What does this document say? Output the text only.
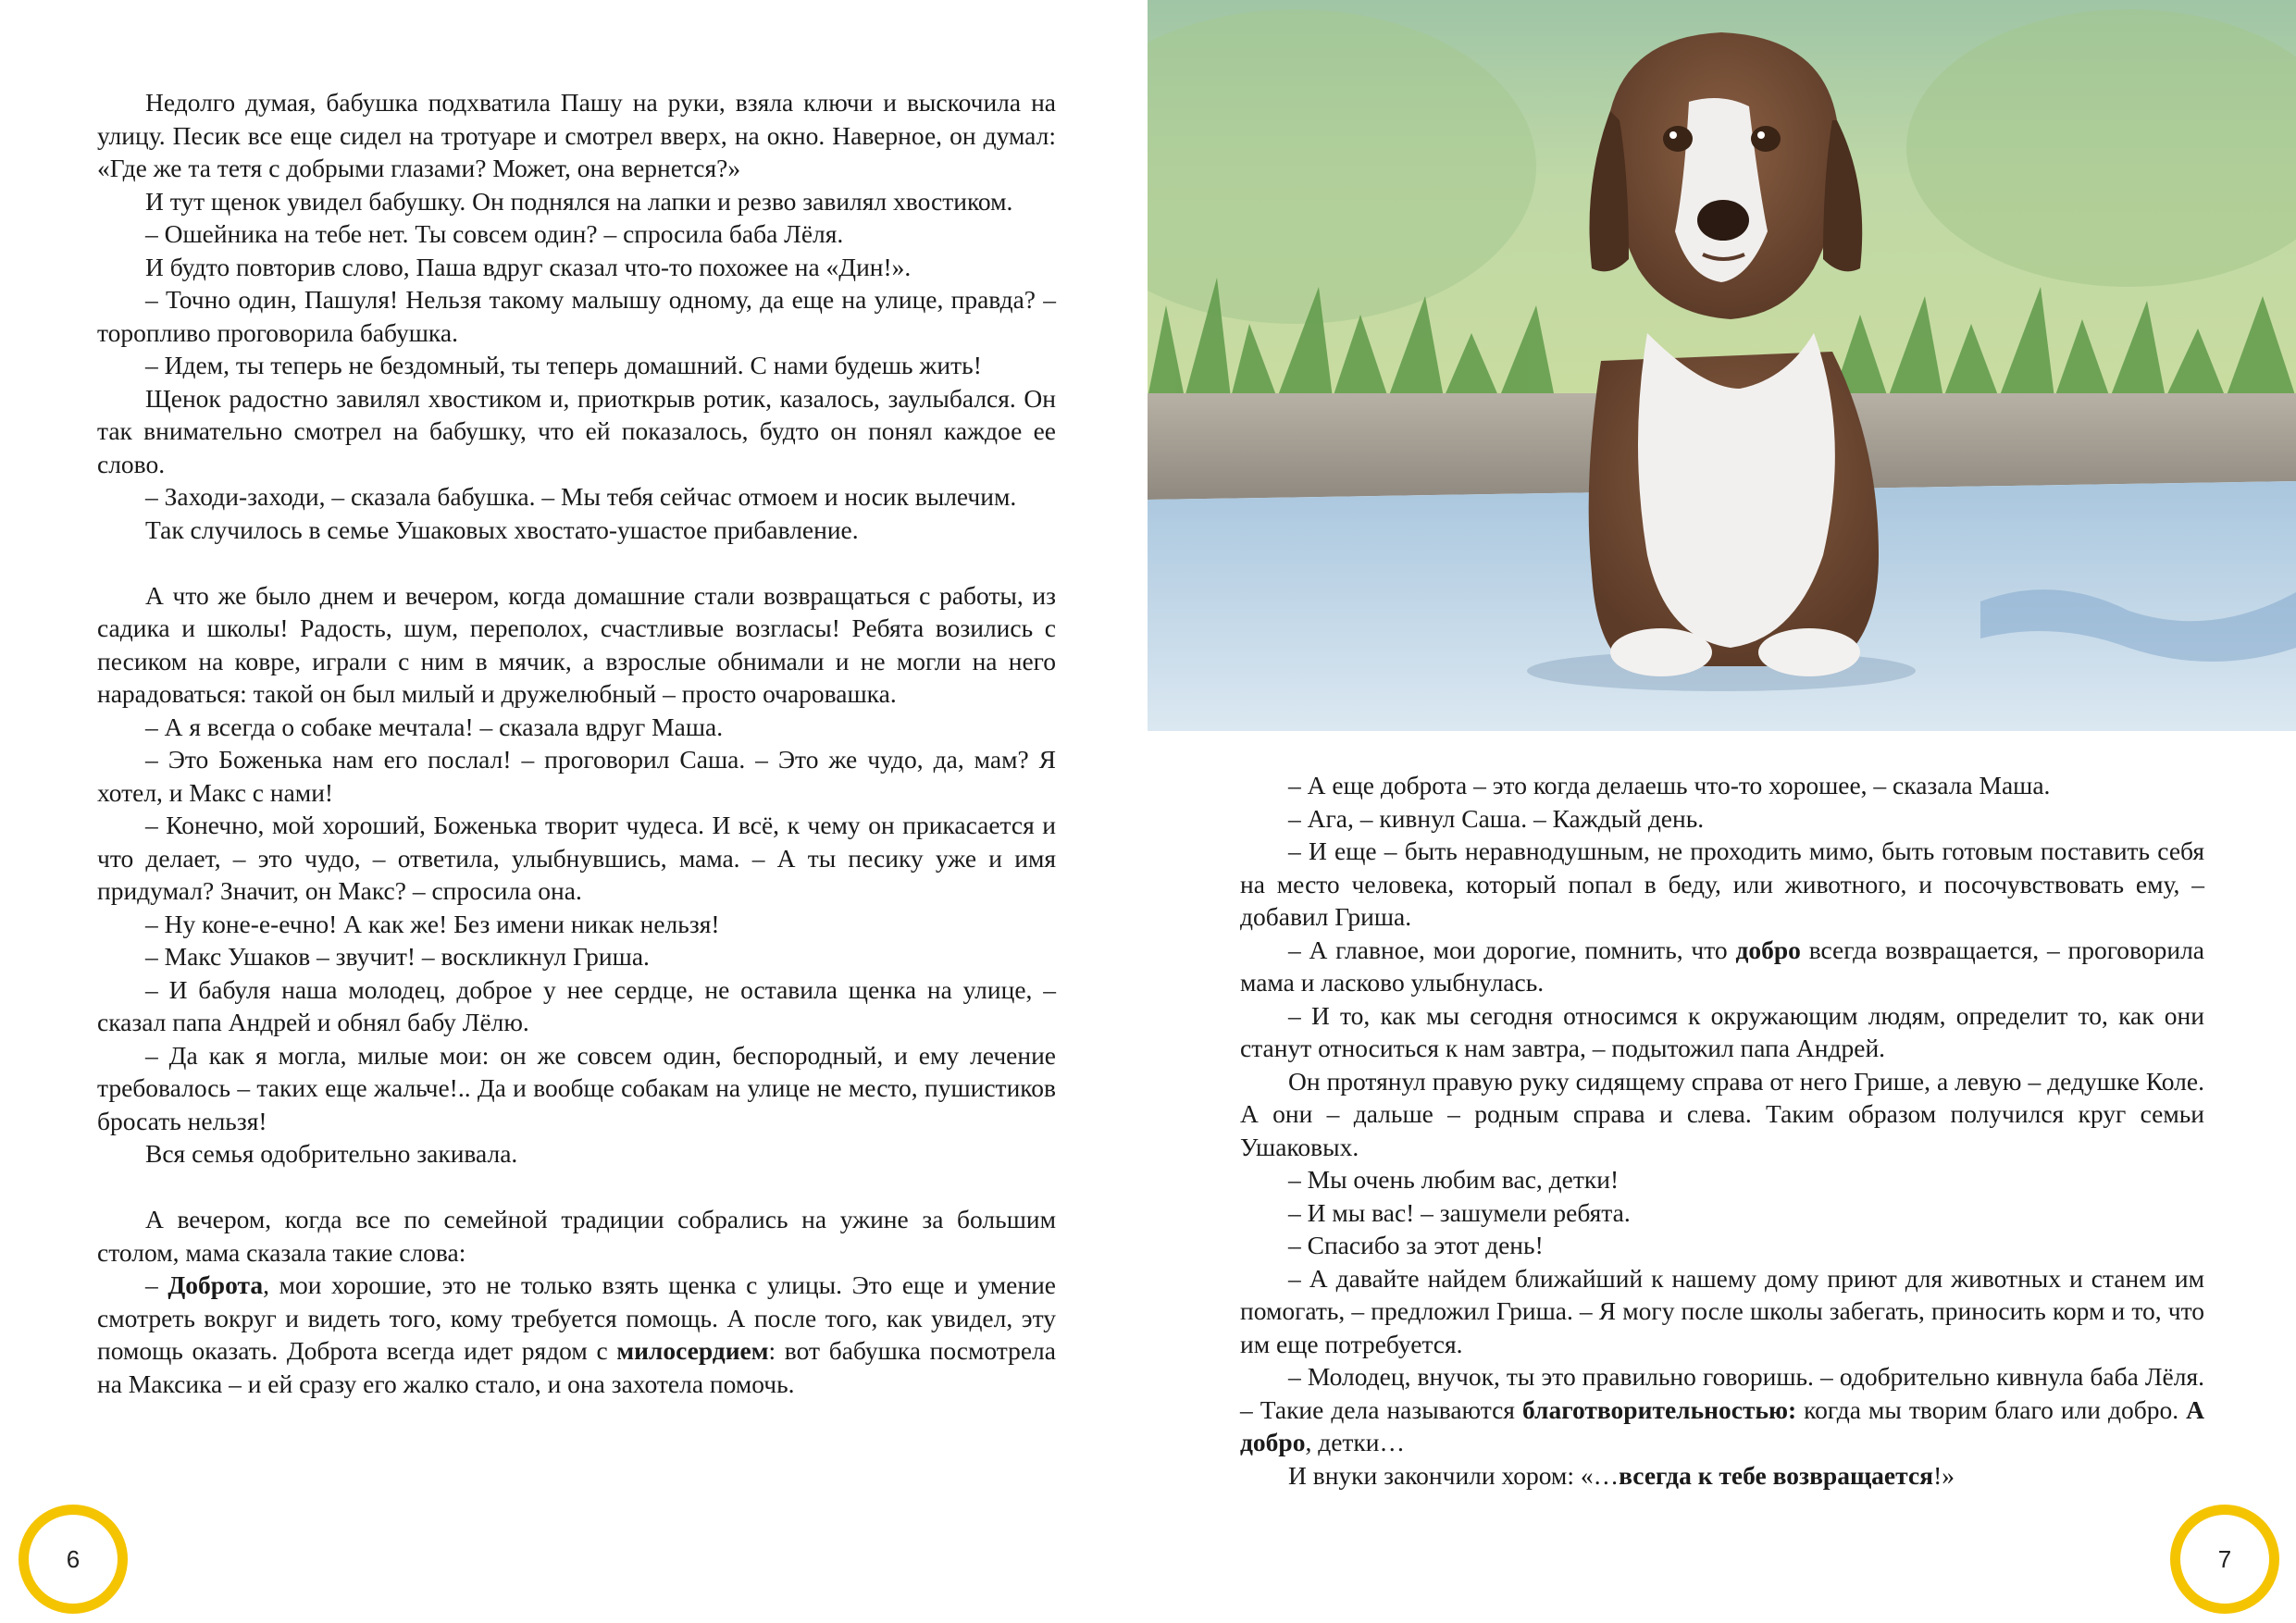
Недолго думая, бабушка подхватила Пашу на руки, взяла ключи и выскочила на улицу. Песик все еще сидел на тротуаре и смотрел вверх, на окно. Наверное, он думал: «Где же та тетя с добрыми глазами? Может, она вернется?»

И тут щенок увидел бабушку. Он поднялся на лапки и резво завилял хвостиком.

– Ошейника на тебе нет. Ты совсем один? – спросила баба Лёля.

И будто повторив слово, Паша вдруг сказал что-то похожее на «Дин!».

– Точно один, Пашуля! Нельзя такому малышу одному, да еще на улице, правда? – торопливо проговорила бабушка.

– Идем, ты теперь не бездомный, ты теперь домашний. С нами будешь жить!

Щенок радостно завилял хвостиком и, приоткрыв ротик, казалось, заулыбался. Он так внимательно смотрел на бабушку, что ей показалось, будто он понял каждое ее слово.

– Заходи-заходи, – сказала бабушка. – Мы тебя сейчас отмоем и носик вылечим.

Так случилось в семье Ушаковых хвостато-ушастое прибавление.

А что же было днем и вечером, когда домашние стали возвращаться с работы, из садика и школы! Радость, шум, переполох, счастливые возгласы! Ребята возились с песиком на ковре, играли с ним в мячик, а взрослые обнимали и не могли на него нарадоваться: такой он был милый и дружелюбный – просто очаровашка.

– А я всегда о собаке мечтала! – сказала вдруг Маша.

– Это Боженька нам его послал! – проговорил Саша. – Это же чудо, да, мам? Я хотел, и Макс с нами!

– Конечно, мой хороший, Боженька творит чудеса. И всё, к чему он прикасается и что делает, – это чудо, – ответила, улыбнувшись, мама. – А ты песику уже и имя придумал? Значит, он Макс? – спросила она.

– Ну коне-е-ечно! А как же! Без имени никак нельзя!

– Макс Ушаков – звучит! – воскликнул Гриша.

– И бабуля наша молодец, доброе у нее сердце, не оставила щенка на улице, – сказал папа Андрей и обнял бабу Лёлю.

– Да как я могла, милые мои: он же совсем один, беспородный, и ему лечение требовалось – таких еще жальче!.. Да и вообще собакам на улице не место, пушистиков бросать нельзя!

Вся семья одобрительно закивала.

А вечером, когда все по семейной традиции собрались на ужине за большим столом, мама сказала такие слова:

– Доброта, мои хорошие, это не только взять щенка с улицы. Это еще и умение смотреть вокруг и видеть того, кому требуется помощь. А после того, как увидел, эту помощь оказать. Доброта всегда идет рядом с милосердием: вот бабушка посмотрела на Максика – и ей сразу его жалко стало, и она захотела помочь.

6

– А еще доброта – это когда делаешь что-то хорошее, – сказала Маша.

– Ага, – кивнул Саша. – Каждый день.

– И еще – быть неравнодушным, не проходить мимо, быть готовым поставить себя на место человека, который попал в беду, или животного, и посочувствовать ему, – добавил Гриша.

– А главное, мои дорогие, помнить, что добро всегда возвращается, – проговорила мама и ласково улыбнулась.

– И то, как мы сегодня относимся к окружающим людям, определит то, как они станут относиться к нам завтра, – подытожил папа Андрей.

Он протянул правую руку сидящему справа от него Грише, а левую – дедушке Коле. А они – дальше – родным справа и слева. Таким образом получился круг семьи Ушаковых.

– Мы очень любим вас, детки!

– И мы вас! – зашумели ребята.

– Спасибо за этот день!

– А давайте найдем ближайший к нашему дому приют для животных и станем им помогать, – предложил Гриша. – Я могу после школы забегать, приносить корм и то, что им еще потребуется.

– Молодец, внучок, ты это правильно говоришь. – одобрительно кивнула баба Лёля. – Такие дела называются благотворительностью: когда мы творим благо или добро. А добро, детки…

И внуки закончили хором: «…всегда к тебе возвращается!»

7
